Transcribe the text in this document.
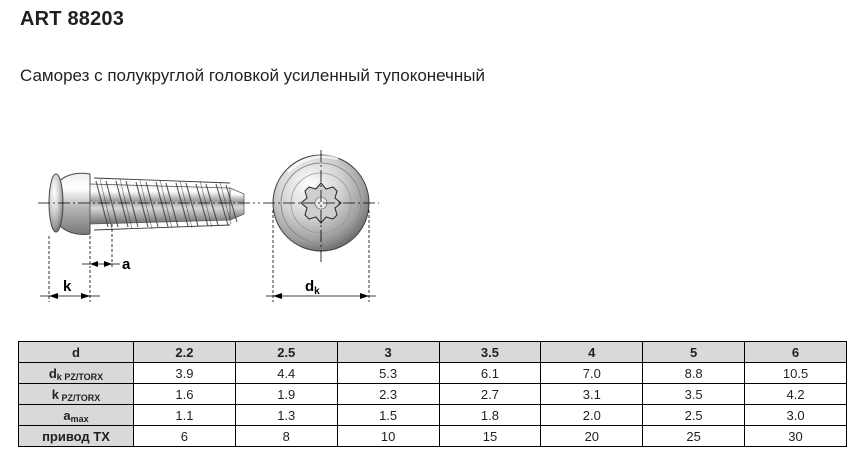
ART 88203
Саморез с полукруглой головкой усиленный тупоконечный
a
k	$d_k$
d	2.2	2.5	3	3.5	4	5	6
dk PZ/TORX	3.9	4.4	5.3	6.1	7.0	8.8	10.5
k PZ/TORX	1.6	1.9	2.3	2.7	3.1	3.5	4.2
amax	1.1	1.3	1.5	1.8	2.0	2.5	3.0
привод TX	6	8	10	15	20	25	30
